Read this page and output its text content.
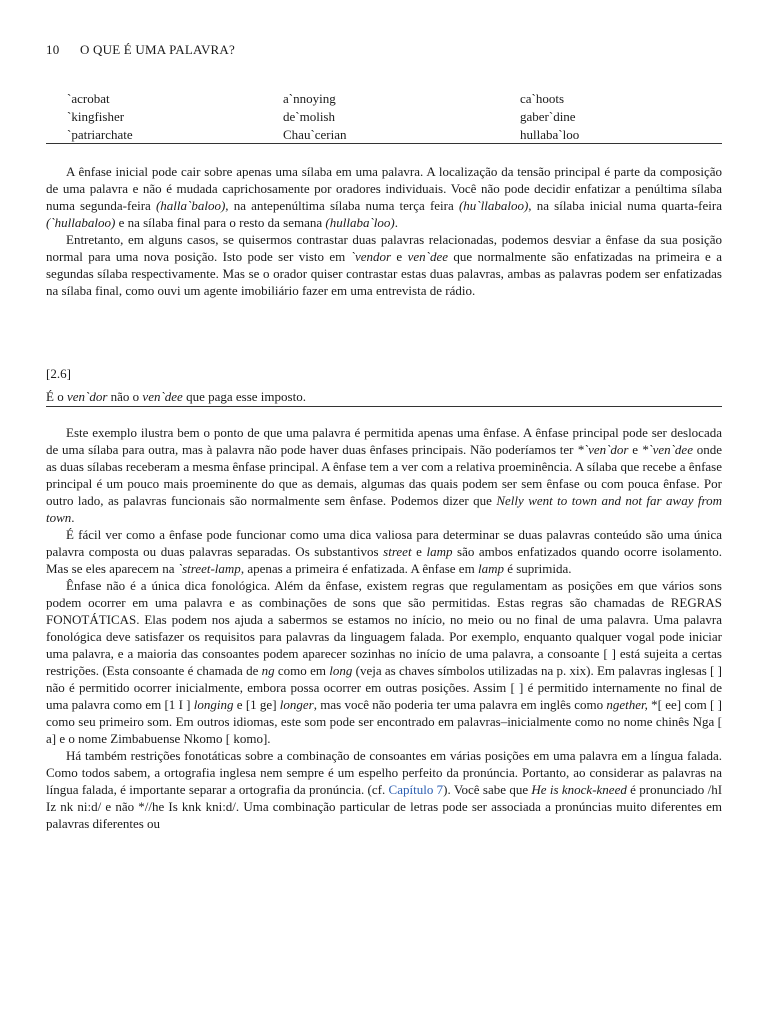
10 O QUE É UMA PALAVRA?
`acrobat	a`nnoying	ca`hoots
`kingfisher	de`molish	gaber`dine
`patriarchate	Chau`cerian	hullaba`loo

A ênfase inicial pode cair sobre apenas uma sílaba em uma palavra. A localização da tensão principal é parte da composição de uma palavra e não é mudada caprichosamente por oradores individuais. Você não pode decidir enfatizar a penúltima sílaba numa segunda-feira (halla`baloo), na antepenúltima sílaba numa terça feira (hu`llabaloo), na sílaba inicial numa quarta-feira (`hullabaloo) e na sílaba final para o resto da semana (hullaba`loo).

Entretanto, em alguns casos, se quisermos contrastar duas palavras relacionadas, podemos desviar a ênfase da sua posição normal para uma nova posição. Isto pode ser visto em `vendor e ven`dee que normalmente são enfatizadas na primeira e a segundas sílaba respectivamente. Mas se o orador quiser contrastar estas duas palavras, ambas as palavras podem ser enfatizadas na sílaba final, como ouvi um agente imobiliário fazer em uma entrevista de rádio.

[2.6]
É o ven`dor não o ven`dee que paga esse imposto.

Este exemplo ilustra bem o ponto de que uma palavra é permitida apenas uma ênfase. A ênfase principal pode ser deslocada de uma sílaba para outra, mas à palavra não pode haver duas ênfases principais. Não poderíamos ter *`ven`dor e *`ven`dee onde as duas sílabas receberam a mesma ênfase principal. A ênfase tem a ver com a relativa proeminência. A sílaba que recebe a ênfase principal é um pouco mais proeminente do que as demais, algumas das quais podem ser sem ênfase ou com pouca ênfase. Por outro lado, as palavras funcionais são normalmente sem ênfase. Podemos dizer que Nelly went to town and not far away from town.

É fácil ver como a ênfase pode funcionar como uma dica valiosa para determinar se duas palavras conteúdo são uma única palavra composta ou duas palavras separadas. Os substantivos street e lamp são ambos enfatizados quando ocorre isolamento. Mas se eles aparecem na `street-lamp, apenas a primeira é enfatizada. A ênfase em lamp é suprimida.

Ênfase não é a única dica fonológica. Além da ênfase, existem regras que regulamentam as posições em que vários sons podem ocorrer em uma palavra e as combinações de sons que são permitidas. Estas regras são chamadas de REGRAS FONOTÁTICAS. Elas podem nos ajuda a sabermos se estamos no início, no meio ou no final de uma palavra. Uma palavra fonológica deve satisfazer os requisitos para palavras da linguagem falada. Por exemplo, enquanto qualquer vogal pode iniciar uma palavra, e a maioria das consoantes podem aparecer sozinhas no início de uma palavra, a consoante [ ] está sujeita a certas restrições. (Esta consoante é chamada de ng como em long (veja as chaves símbolos utilizadas na p. xix). Em palavras inglesas [ ] não é permitido ocorrer inicialmente, embora possa ocorrer em outras posições. Assim [ ] é permitido internamente no final de uma palavra como em [1 I ] longing e [1 ge] longer, mas você não poderia ter uma palavra em inglês como ngether, *[ ee] com [ ] como seu primeiro som. Em outros idiomas, este som pode ser encontrado em palavras–inicialmente como no nome chinês Nga [ a] e o nome Zimbabuense Nkomo [ komo].

Há também restrições fonotáticas sobre a combinação de consoantes em várias posições em uma palavra em a língua falada. Como todos sabem, a ortografia inglesa nem sempre é um espelho perfeito da pronúncia. Portanto, ao considerar as palavras na língua falada, é importante separar a ortografia da pronúncia. (cf. Capítulo 7). Você sabe que He is knock-kneed é pronunciado /hI Iz nk ni:d/ e não *//he Is knk kni:d/. Uma combinação particular de letras pode ser associada a pronúncias muito diferentes em palavras diferentes ou
